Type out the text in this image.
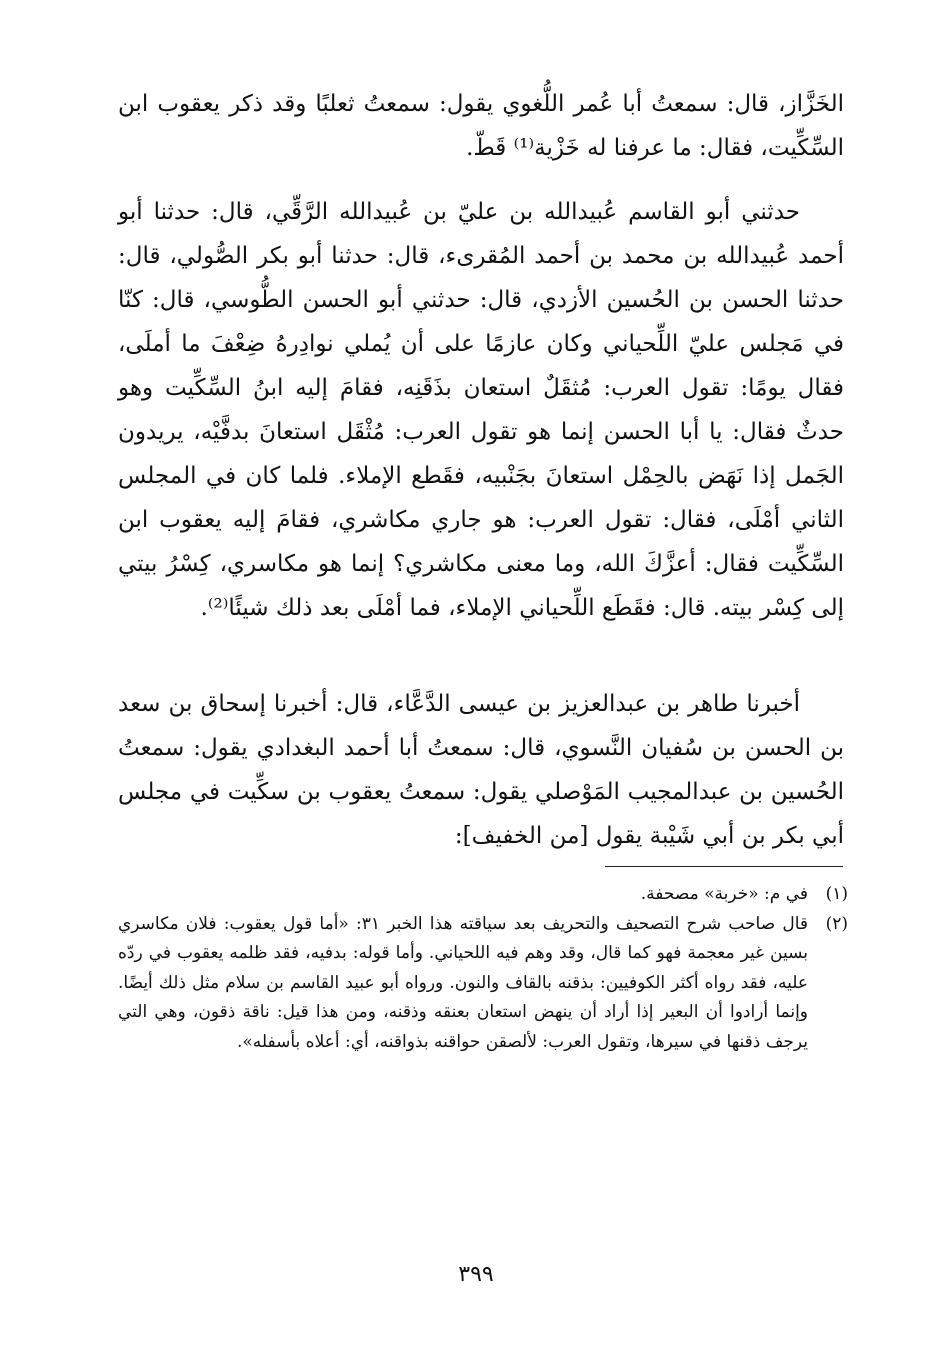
الخَزَّاز، قال: سمعتُ أبا عُمر اللُّغوي يقول: سمعتُ ثعلبًا وقد ذكر يعقوب ابن السِّكِّيت، فقال: ما عرفنا له خَزْية⁽¹⁾ قَطّ.
حدثني أبو القاسم عُبيدالله بن عليّ بن عُبيدالله الرَّقِّي، قال: حدثنا أبو أحمد عُبيدالله بن محمد بن أحمد المُقرىء، قال: حدثنا أبو بكر الصُّولي، قال: حدثنا الحسن بن الحُسين الأزدي، قال: حدثني أبو الحسن الطُّوسي، قال: كنّا في مَجلس عليّ اللِّحياني وكان عازمًا على أن يُملي نوادِرهُ ضِعْفَ ما أملَى، فقال يومًا: تقول العرب: مُثقَلٌ استعان بذَقَنِه، فقامَ إليه ابنُ السِّكِّيت وهو حدثٌ فقال: يا أبا الحسن إنما هو تقول العرب: مُثْقَل استعانَ بدفَّيْه، يريدون الجَمل إذا نَهَض بالحِمْل استعانَ بجَنْبيه، فقَطع الإملاء. فلما كان في المجلس الثاني أمْلَى، فقال: تقول العرب: هو جاري مكاشري، فقامَ إليه يعقوب ابن السِّكِّيت فقال: أعزَّكَ الله، وما معنى مكاشري؟ إنما هو مكاسري، كِسْرُ بيتي إلى كِسْر بيته. قال: فقَطَع اللِّحياني الإملاء، فما أمْلَى بعد ذلك شيئًا⁽²⁾.
أخبرنا طاهر بن عبدالعزيز بن عيسى الدَّعَّاء، قال: أخبرنا إسحاق بن سعد بن الحسن بن سُفيان النَّسوي، قال: سمعتُ أبا أحمد البغدادي يقول: سمعتُ الحُسين بن عبدالمجيب المَوْصلي يقول: سمعتُ يعقوب بن سكِّيت في مجلس أبي بكر بن أبي شَيْبة يقول [من الخفيف]:
(١)
في م: «خربة» مصحفة.
(٢)
قال صاحب شرح التصحيف والتحريف بعد سياقته هذا الخبر ٣١: «أما قول يعقوب: فلان مكاسري بسين غير معجمة فهو كما قال، وقد وهم فيه اللحياني. وأما قوله: بدفيه، فقد ظلمه يعقوب في ردّه عليه، فقد رواه أكثر الكوفيين: بذقنه بالقاف والنون. ورواه أبو عبيد القاسم بن سلام مثل ذلك أيضًا. وإنما أرادوا أن البعير إذا أراد أن ينهض استعان بعنقه وذقنه، ومن هذا قيل: ناقة ذقون، وهي التي يرجف ذقنها في سيرها، وتقول العرب: لألصقن حواقنه بذواقنه، أي: أعلاه بأسفله».
٣٩٩
